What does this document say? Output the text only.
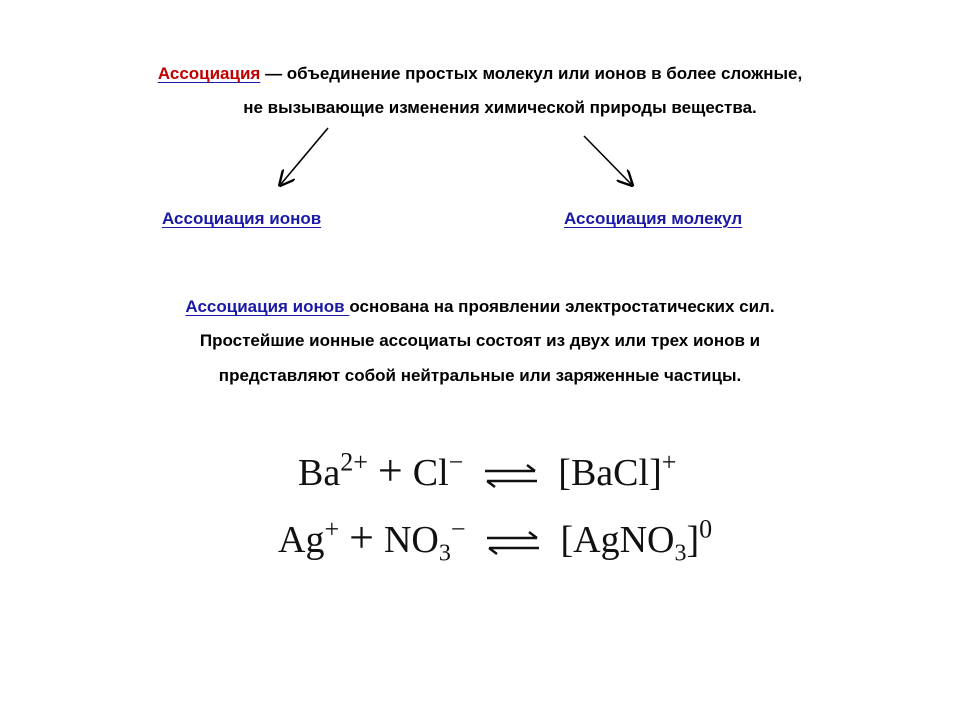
Ассоциация — объединение простых молекул или ионов в более сложные,
не вызывающие изменения химической природы вещества.
Ассоциация ионов	Ассоциация молекул
Ассоциация ионов основана на проявлении электростатических сил.
Простейшие ионные ассоциаты состоят из двух или трех ионов и
представляют собой нейтральные или заряженные частицы.
$Ba^{2+} + Cl^-$ ⇌ [BaCl]+
$Ag^+ + NO_3^-$ ⇌ [AgNO$_3$]$^0$
